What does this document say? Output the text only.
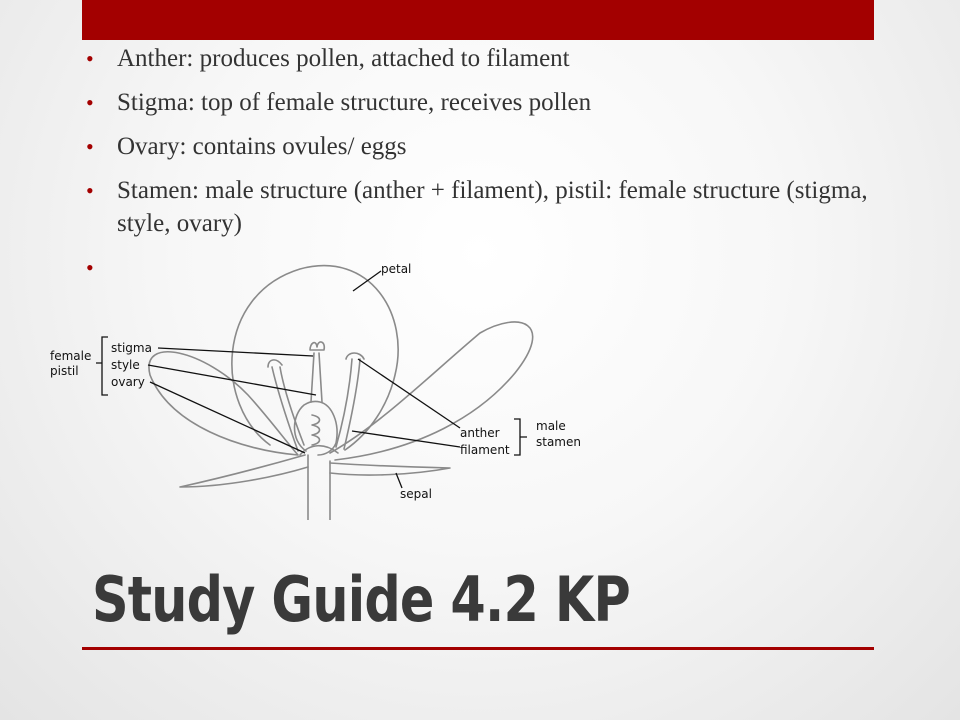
• Anther: produces pollen, attached to filament
• Stigma: top of female structure, receives pollen
• Ovary: contains ovules/ eggs
• Stamen: male structure (anther + filament), pistil: female structure (stigma, style, ovary)
•	petal
female
pistil
stigma
style
ovary
anther
filament
male
stamen
sepal
Study Guide 4.2 KP
